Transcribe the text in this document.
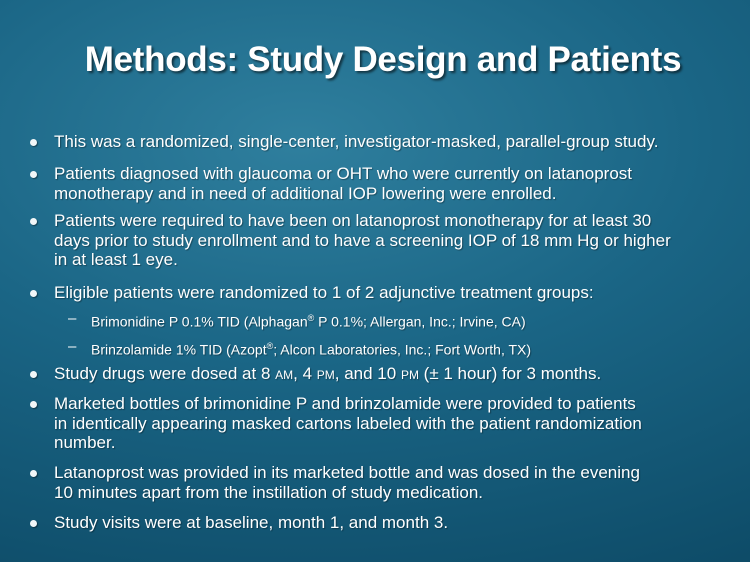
Methods: Study Design and Patients
This was a randomized, single-center, investigator-masked, parallel-group study.
Patients diagnosed with glaucoma or OHT who were currently on latanoprost
monotherapy and in need of additional IOP lowering were enrolled.
Patients were required to have been on latanoprost monotherapy for at least 30
days prior to study enrollment and to have a screening IOP of 18 mm Hg or higher
in at least 1 eye.
Eligible patients were randomized to 1 of 2 adjunctive treatment groups:
– Brimonidine P 0.1% TID (Alphagan® P 0.1%; Allergan, Inc.; Irvine, CA)
– Brinzolamide 1% TID (Azopt®; Alcon Laboratories, Inc.; Fort Worth, TX)
Study drugs were dosed at 8 AM, 4 PM, and 10 PM (± 1 hour) for 3 months.
Marketed bottles of brimonidine P and brinzolamide were provided to patients
in identically appearing masked cartons labeled with the patient randomization
number.
Latanoprost was provided in its marketed bottle and was dosed in the evening
10 minutes apart from the instillation of study medication.
Study visits were at baseline, month 1, and month 3.
